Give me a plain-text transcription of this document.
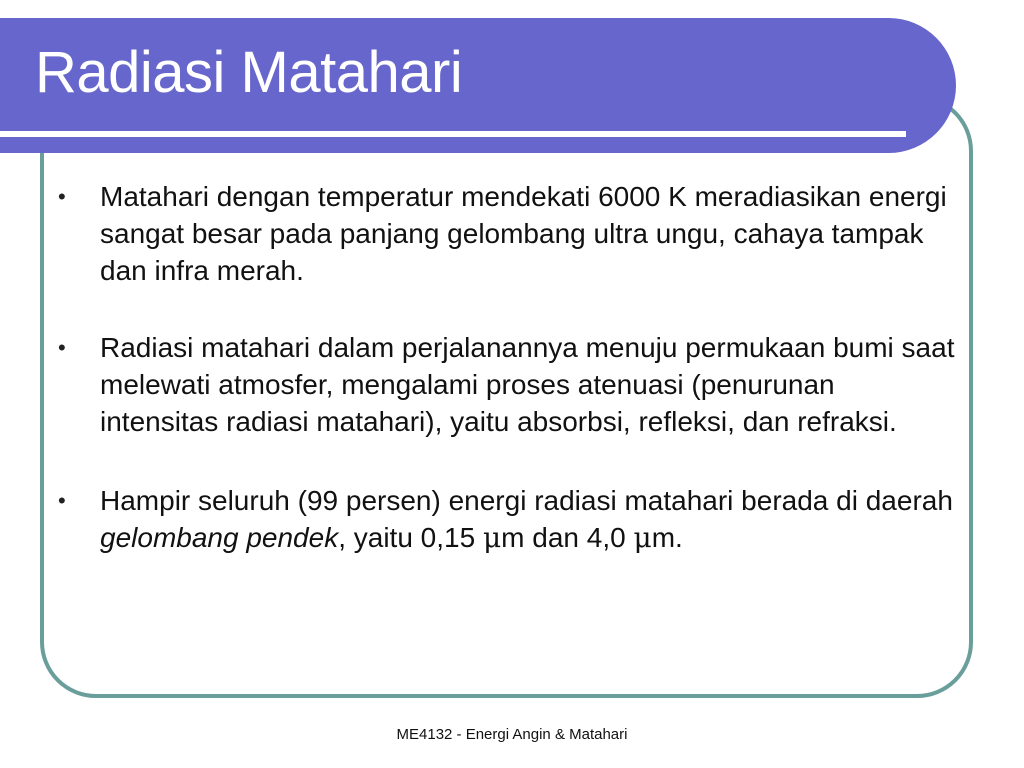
Radiasi Matahari
• Matahari dengan temperatur mendekati 6000 K meradiasikan energi sangat besar pada panjang gelombang ultra ungu, cahaya tampak dan infra merah.
• Radiasi matahari dalam perjalanannya menuju permukaan bumi saat melewati atmosfer, mengalami proses atenuasi (penurunan intensitas radiasi matahari), yaitu absorbsi, refleksi, dan refraksi.
• Hampir seluruh (99 persen) energi radiasi matahari berada di daerah gelombang pendek, yaitu 0,15 μm dan 4,0 μm.
ME4132 - Energi Angin & Matahari
